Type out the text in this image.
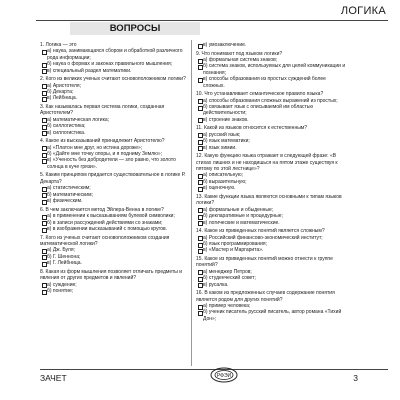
ЛОГИКА
ВОПРОСЫ
1. Логика — это
а) наука, занимающаяся сбором и обработкой различного рода информации;
б) наука о формах и законах правильного мышления;
в) специальный раздел математики.
2. Кого из великих ученых считают основоположником логики?
а) Аристотеля;
б) Декарта;
в) Лейбница.
3. Как называлась первая система логики, созданная Аристотелем?
а) математическая логика;
б) силлогистика;
в) силлогистика.
4. Какое из высказываний принадлежит Аристотелю?
а) «Платон мне друг, но истина дороже»;
б) «Дайте мне точку опоры, и я подниму Землю»;
в) «Ученость без добродетели — зло равно, что золото солнца в куче грязи».
5. Каким принципом придается существовательное в логике Р. Декарта?
а) статистическим;
б) математическим;
в) физическим.
6. В чем заключается метод Эйлера-Венна в логике?
а) в применении к высказываниям булевой символики;
б) в записи рассуждений действиями со знаками;
в) в изображении высказываний с помощью кругов.
7. Кого из ученых считают основоположником создания математической логики?
а) Дж. Буля;
б) Г. Шеннона;
в) Г. Лейбница.
8. Какая из форм мышления позволяет отличать предметы и явления от других предметов и явлений?
а) суждение;
б) понятие;
в) умозаключение.
9. Что понимают под языком логики?
а) формальная система знаков;
б) система знаков, используемых для целей коммуникации и познания;
в) способы образования из простых суждений более сложных.
10. Что устанавливает семантическое правило языка?
а) способы образования сложных выражений из простых;
б) связывает язык с описываемой им областью действительности;
в) строение знаков.
11. Какой из языков относится к естественным?
а) русский язык;
б) язык математики;
в) язык химии.
12. Какую функцию языка отражает в следующей фразе: «В стихах лишних и не находишься на пятом этаже существуя к пятому по этой лестнице»?
а) описательную;
б) выразительную;
в) оценочную.
13. Какие функции языка являются основными к типам языков логики?
а) формальные и обыденные;
б) декларативные и процедурные;
в) логические и математические.
14. Какое из приведенных понятий является сложным?
а) Российский финансово-экономический институт;
б) язык программирования;
в) «Мастер и Маргарита».
15. Какое из приведенных понятий можно отнести к группе понятий?
а) менеджер Петров;
б) студенческий совет;
в) русалка.
16. В каком из предложенных случаев содержание понятия является родом для других понятий?
а) пример человека;
б) ученик писатель русский писатель, автор романа «Тихий Дон»;
ЗАЧЕТ	РФЭИ	3
